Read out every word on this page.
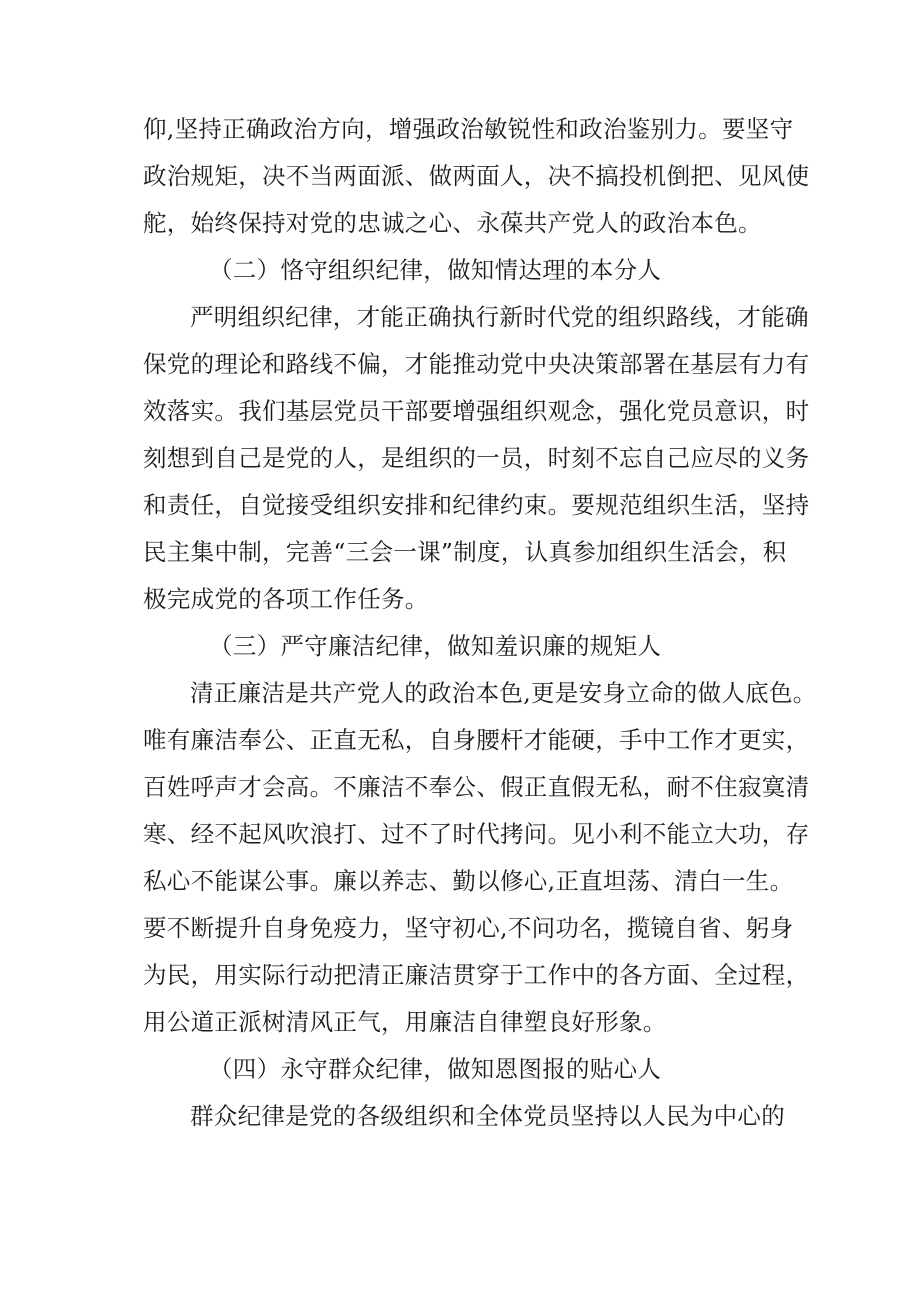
仰,坚持正确政治方向，增强政治敏锐性和政治鉴别力。要坚守
政治规矩，决不当两面派、做两面人，决不搞投机倒把、见风使
舵，始终保持对党的忠诚之心、永葆共产党人的政治本色。
（二）恪守组织纪律，做知情达理的本分人
严明组织纪律，才能正确执行新时代党的组织路线，才能确
保党的理论和路线不偏，才能推动党中央决策部署在基层有力有
效落实。我们基层党员干部要增强组织观念，强化党员意识，时
刻想到自己是党的人，是组织的一员，时刻不忘自己应尽的义务
和责任，自觉接受组织安排和纪律约束。要规范组织生活，坚持
民主集中制，完善“三会一课”制度，认真参加组织生活会，积
极完成党的各项工作任务。
（三）严守廉洁纪律，做知羞识廉的规矩人
清正廉洁是共产党人的政治本色,更是安身立命的做人底色。
唯有廉洁奉公、正直无私，自身腰杆才能硬，手中工作才更实，
百姓呼声才会高。不廉洁不奉公、假正直假无私，耐不住寂寞清
寒、经不起风吹浪打、过不了时代拷问。见小利不能立大功，存
私心不能谋公事。廉以养志、勤以修心,正直坦荡、清白一生。
要不断提升自身免疫力，坚守初心,不问功名，揽镜自省、躬身
为民，用实际行动把清正廉洁贯穿于工作中的各方面、全过程，
用公道正派树清风正气，用廉洁自律塑良好形象。
（四）永守群众纪律，做知恩图报的贴心人
群众纪律是党的各级组织和全体党员坚持以人民为中心的
